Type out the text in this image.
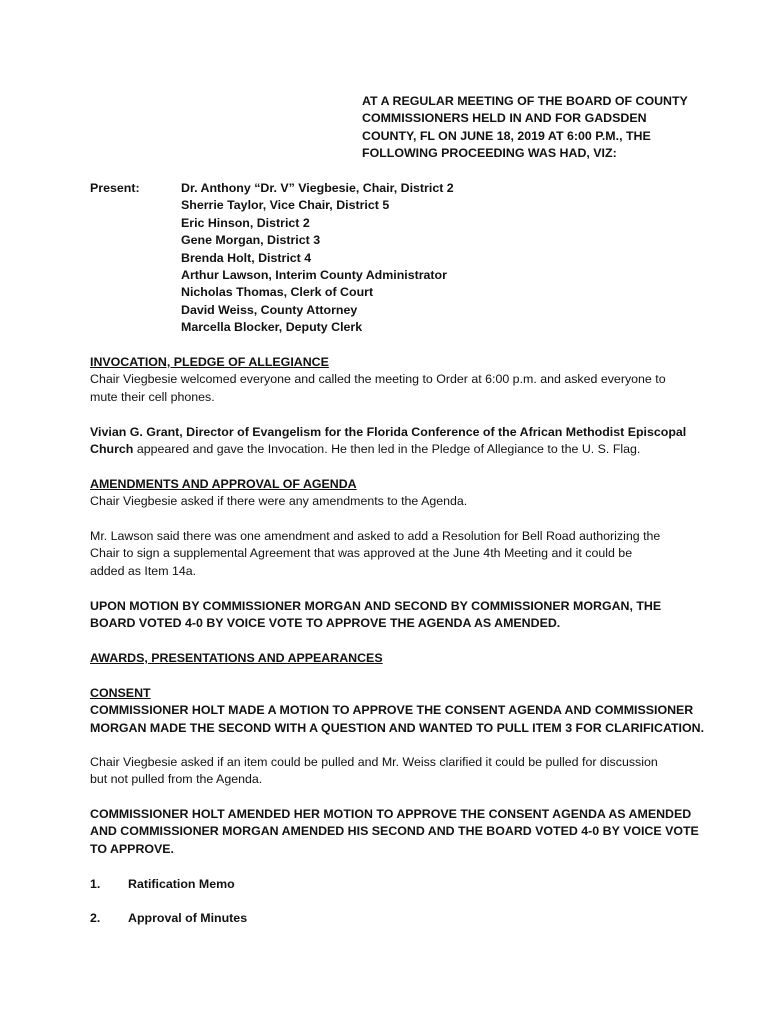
AT A REGULAR MEETING OF THE BOARD OF COUNTY
COMMISSIONERS HELD IN AND FOR GADSDEN
COUNTY, FL ON JUNE 18, 2019 AT 6:00 P.M., THE
FOLLOWING PROCEEDING WAS HAD, VIZ:
Present:	Dr. Anthony “Dr. V” Viegbesie, Chair, District 2
Sherrie Taylor, Vice Chair, District 5
Eric Hinson, District 2
Gene Morgan, District 3
Brenda Holt, District 4
Arthur Lawson, Interim County Administrator
Nicholas Thomas, Clerk of Court
David Weiss, County Attorney
Marcella Blocker, Deputy Clerk
INVOCATION, PLEDGE OF ALLEGIANCE
Chair Viegbesie welcomed everyone and called the meeting to Order at 6:00 p.m. and asked everyone to
mute their cell phones.
Vivian G. Grant, Director of Evangelism for the Florida Conference of the African Methodist Episcopal
Church appeared and gave the Invocation. He then led in the Pledge of Allegiance to the U. S. Flag.
AMENDMENTS AND APPROVAL OF AGENDA
Chair Viegbesie asked if there were any amendments to the Agenda.
Mr. Lawson said there was one amendment and asked to add a Resolution for Bell Road authorizing the
Chair to sign a supplemental Agreement that was approved at the June 4th Meeting and it could be
added as Item 14a.
UPON MOTION BY COMMISSIONER MORGAN AND SECOND BY COMMISSIONER MORGAN, THE
BOARD VOTED 4-0 BY VOICE VOTE TO APPROVE THE AGENDA AS AMENDED.
AWARDS, PRESENTATIONS AND APPEARANCES
CONSENT
COMMISSIONER HOLT MADE A MOTION TO APPROVE THE CONSENT AGENDA AND COMMISSIONER
MORGAN MADE THE SECOND WITH A QUESTION AND WANTED TO PULL ITEM 3 FOR CLARIFICATION.
Chair Viegbesie asked if an item could be pulled and Mr. Weiss clarified it could be pulled for discussion
but not pulled from the Agenda.
COMMISSIONER HOLT AMENDED HER MOTION TO APPROVE THE CONSENT AGENDA AS AMENDED
AND COMMISSIONER MORGAN AMENDED HIS SECOND AND THE BOARD VOTED 4-0 BY VOICE VOTE
TO APPROVE.
1. Ratification Memo
2. Approval of Minutes
